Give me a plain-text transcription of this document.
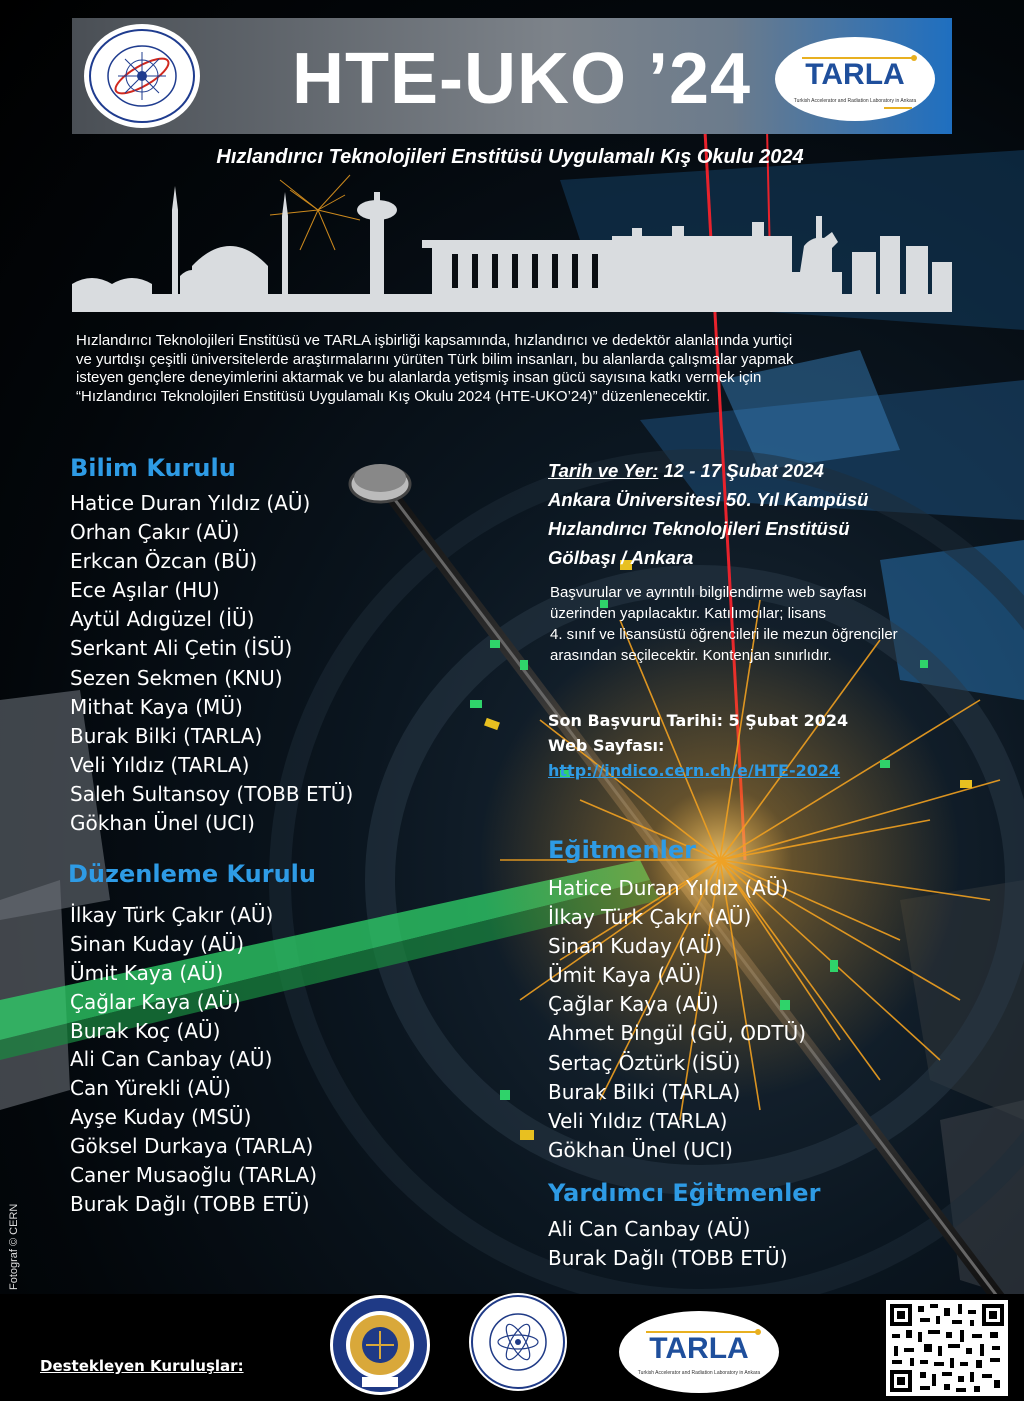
HTE-UKO ’24 TARLA
Turkish Accelerator and Radiation Laboratory in Ankara
Hızlandırıcı Teknolojileri Enstitüsü Uygulamalı Kış Okulu 2024
Hızlandırıcı Teknolojileri Enstitüsü ve TARLA işbirliği kapsamında, hızlandırıcı ve dedektör alanlarında yurtiçi
ve yurtdışı çeşitli üniversitelerde araştırmalarını yürüten Türk bilim insanları, bu alanlarda çalışmalar yapmak
isteyen gençlere deneyimlerini aktarmak ve bu alanlarda yetişmiş insan gücü sayısına katkı vermek için
“Hızlandırıcı Teknolojileri Enstitüsü Uygulamalı Kış Okulu 2024 (HTE-UKO’24)” düzenlenecektir.
Bilim Kurulu
Hatice Duran Yıldız (AÜ)
Orhan Çakır (AÜ)
Erkcan Özcan (BÜ)
Ece Aşılar (HU)
Aytül Adıgüzel (İÜ)
Serkant Ali Çetin (İSÜ)
Sezen Sekmen (KNU)
Mithat Kaya (MÜ)
Burak Bilki (TARLA)
Veli Yıldız (TARLA)
Saleh Sultansoy (TOBB ETÜ)
Gökhan Ünel (UCI)
Düzenleme Kurulu
İlkay Türk Çakır (AÜ)
Sinan Kuday (AÜ)
Ümit Kaya (AÜ)
Çağlar Kaya (AÜ)
Burak Koç (AÜ)
Ali Can Canbay (AÜ)
Can Yürekli (AÜ)
Ayşe Kuday (MSÜ)
Göksel Durkaya (TARLA)
Caner Musaoğlu (TARLA)
Burak Dağlı (TOBB ETÜ)
Tarih ve Yer: 12 - 17 Şubat 2024
Ankara Üniversitesi 50. Yıl Kampüsü
Hızlandırıcı Teknolojileri Enstitüsü
Gölbaşı / Ankara
Başvurular ve ayrıntılı bilgilendirme web sayfası
üzerinden yapılacaktır. Katılımcılar; lisans
4. sınıf ve lisansüstü öğrencileri ile mezun öğrenciler
arasından seçilecektir. Kontenjan sınırlıdır.
Son Başvuru Tarihi: 5 Şubat 2024
Web Sayfası:
http://indico.cern.ch/e/HTE-2024
Eğitmenler
Hatice Duran Yıldız (AÜ)
İlkay Türk Çakır (AÜ)
Sinan Kuday (AÜ)
Ümit Kaya (AÜ)
Çağlar Kaya (AÜ)
Ahmet Bingül (GÜ, ODTÜ)
Sertaç Öztürk (İSÜ)
Burak Bilki (TARLA)
Veli Yıldız (TARLA)
Gökhan Ünel (UCI)
Yardımcı Eğitmenler
Ali Can Canbay (AÜ)
Burak Dağlı (TOBB ETÜ)
Fotograf © CERN
Destekleyen Kuruluşlar:
TARLA
Turkish Accelerator and Radiation Laboratory in Ankara
